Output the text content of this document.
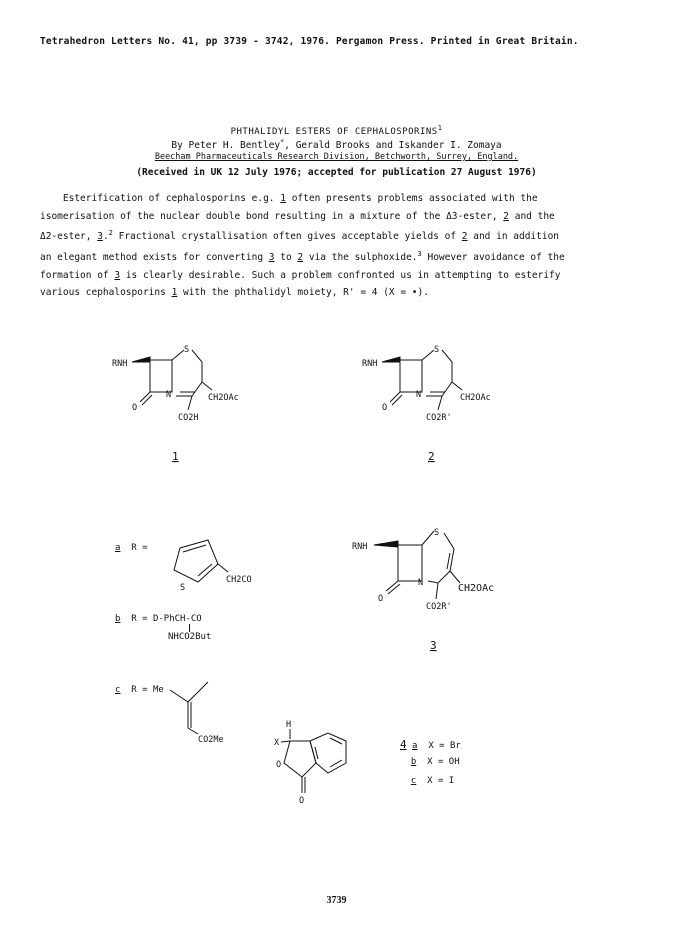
Tetrahedron Letters No. 41, pp 3739 - 3742, 1976. Pergamon Press. Printed in Great Britain.
PHTHALIDYL ESTERS OF CEPHALOSPORINS$^1$
By Peter H. Bentley*, Gerald Brooks and Iskander I. Zomaya
Beecham Pharmaceuticals Research Division, Betchworth, Surrey, England.
(Received in UK 12 July 1976; accepted for publication 27 August 1976)
Esterification of cephalosporins e.g. 1 often presents problems associated with the
isomerisation of the nuclear double bond resulting in a mixture of the Δ3-ester, 2 and the
Δ2-ester, 3.$^2$ Fractional crystallisation often gives acceptable yields of 2 and in addition
an elegant method exists for converting 3 to 2 via the sulphoxide.$^3$ However avoidance of the
formation of 3 is clearly desirable. Such a problem confronted us in attempting to esterify
various cephalosporins 1 with the phthalidyl moiety, R' = 4 (X = •).
RNH
O
S
N	CH2OAc
CO2H
1
RNH
O
S
N	CH2OAc
CO2R'
2
a R =
S
CH2CO
b R = D-PhCH-CO
NHCO2But
c R = Me
CO2Me
RNH
O
S
N	CH2OAc
CO2R'
3
H
X
O
O
4 a X = Br
b X = OH
c X = I
3739
